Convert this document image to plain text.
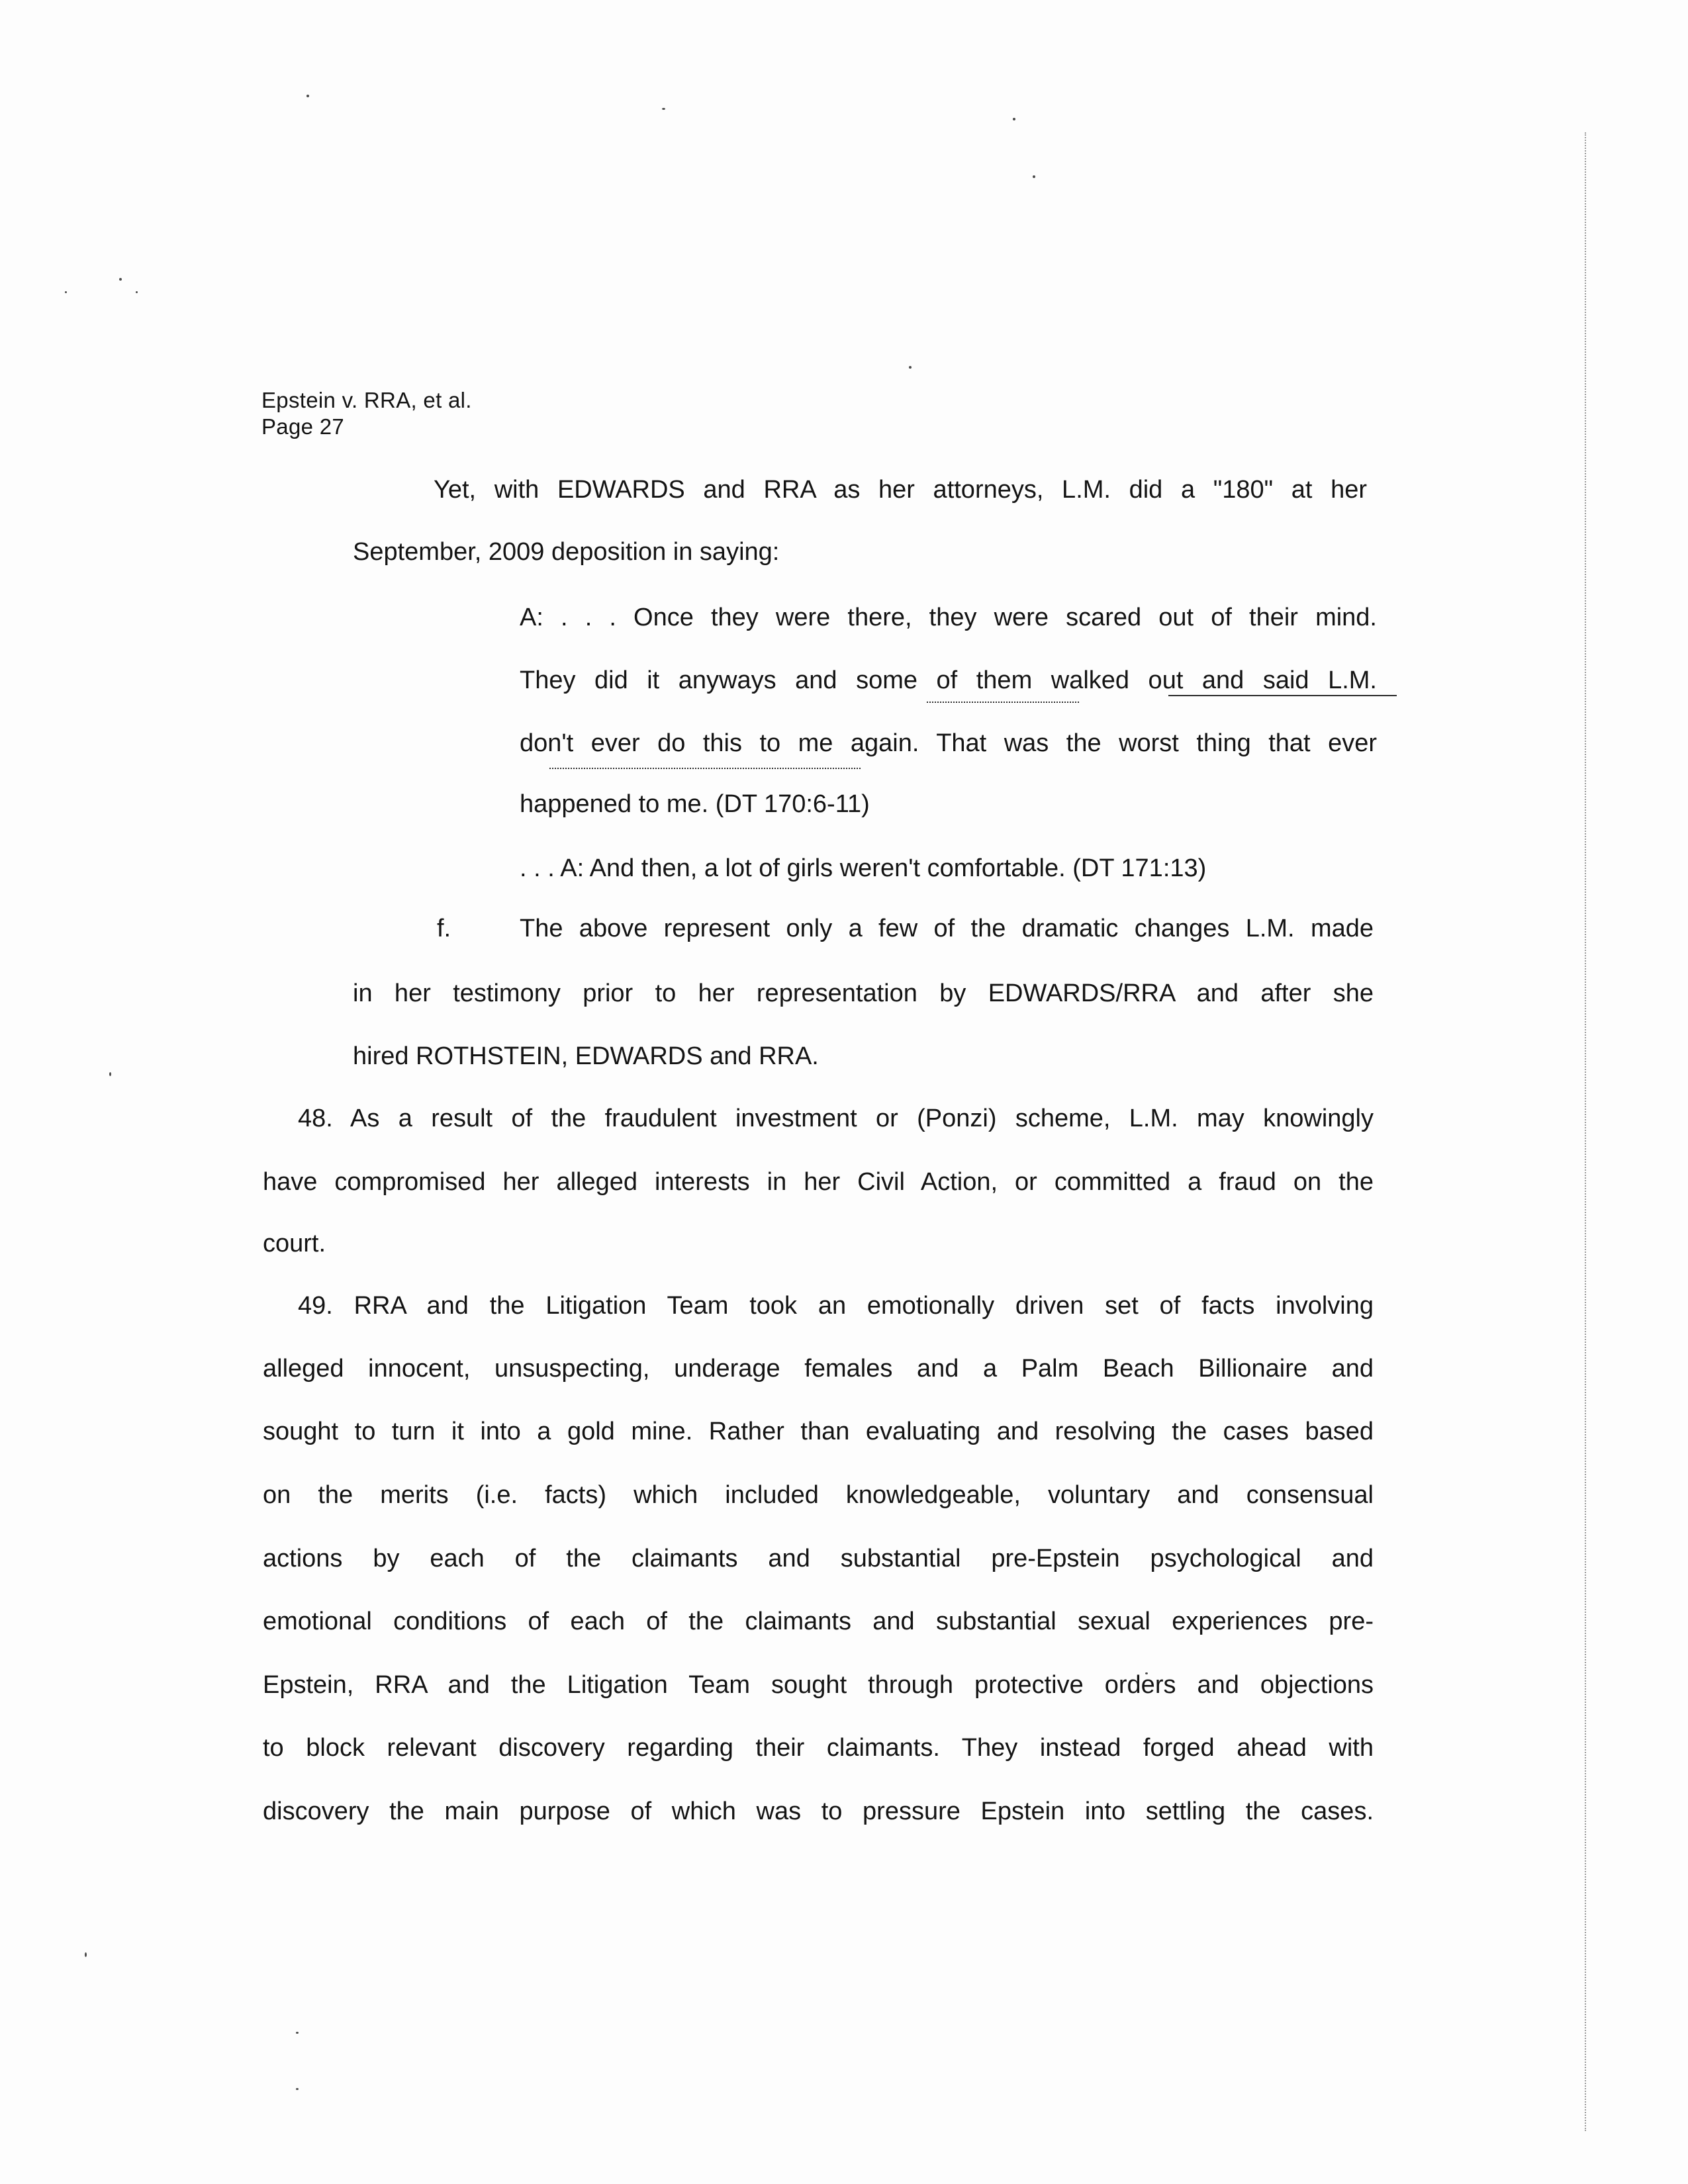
Epstein v. RRA, et al.
Page 27
Yet, with EDWARDS and RRA as her attorneys, L.M. did a "180" at her
September, 2009 deposition in saying:
A: . . . Once they were there, they were scared out of their mind.
They did it anyways and some of them walked out and said L.M.
don't ever do this to me again. That was the worst thing that ever
happened to me. (DT 170:6-11)
. . . A: And then, a lot of girls weren't comfortable. (DT 171:13)
f.	The above represent only a few of the dramatic changes L.M. made
in her testimony prior to her representation by EDWARDS/RRA and after she
hired ROTHSTEIN, EDWARDS and RRA.
48. As a result of the fraudulent investment or (Ponzi) scheme, L.M. may knowingly
have compromised her alleged interests in her Civil Action, or committed a fraud on the
court.
49. RRA and the Litigation Team took an emotionally driven set of facts involving
alleged innocent, unsuspecting, underage females and a Palm Beach Billionaire and
sought to turn it into a gold mine. Rather than evaluating and resolving the cases based
on the merits (i.e. facts) which included knowledgeable, voluntary and consensual
actions by each of the claimants and substantial pre-Epstein psychological and
emotional conditions of each of the claimants and substantial sexual experiences pre-
Epstein, RRA and the Litigation Team sought through protective orders and objections
to block relevant discovery regarding their claimants. They instead forged ahead with
discovery the main purpose of which was to pressure Epstein into settling the cases.
